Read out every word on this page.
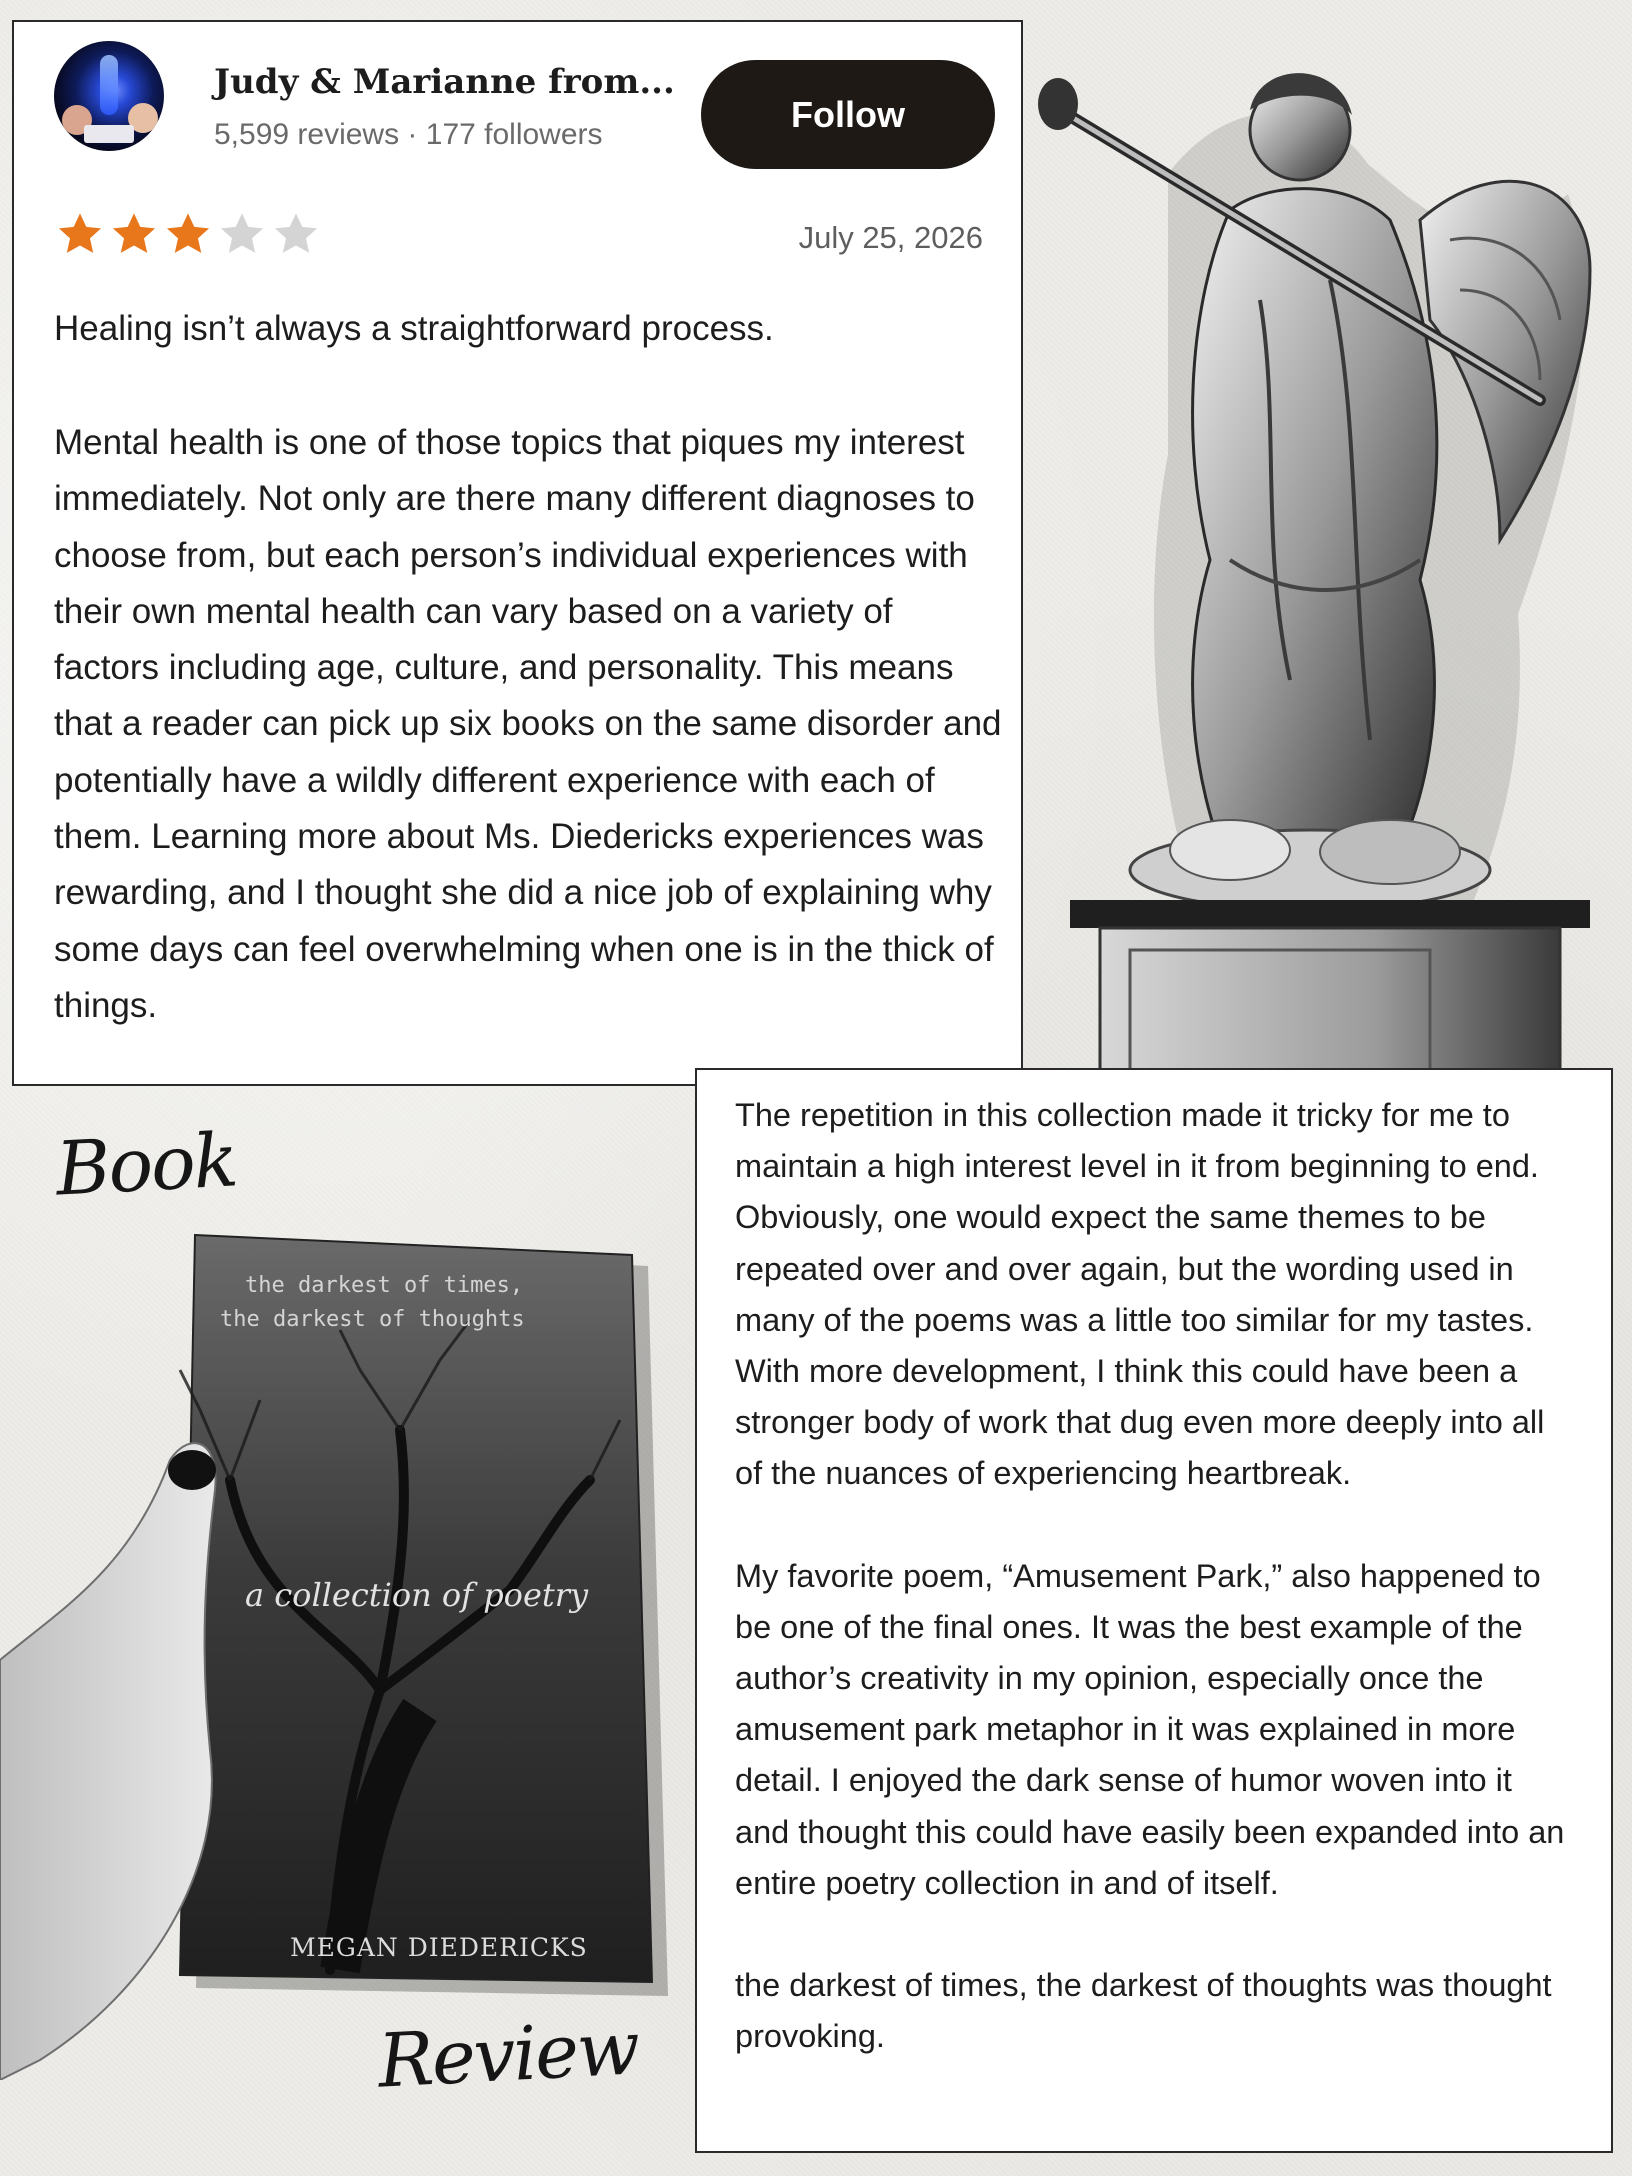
Judy & Marianne from...
5,599 reviews · 177 followers	Follow
July 25, 2026
Healing isn’t always a straightforward process.
Mental health is one of those topics that piques my interest immediately. Not only are there many different diagnoses to choose from, but each person’s individual experiences with their own mental health can vary based on a variety of factors including age, culture, and personality. This means that a reader can pick up six books on the same disorder and potentially have a wildly different experience with each of them. Learning more about Ms. Diedericks experiences was rewarding, and I thought she did a nice job of explaining why some days can feel overwhelming when one is in the thick of things.
Book
the darkest of times,
the darkest of thoughts
a collection of poetry
MEGAN DIEDERICKS

The repetition in this collection made it tricky for me to maintain a high interest level in it from beginning to end. Obviously, one would expect the same themes to be repeated over and over again, but the wording used in many of the poems was a little too similar for my tastes. With more development, I think this could have been a stronger body of work that dug even more deeply into all of the nuances of experiencing heartbreak.

My favorite poem, “Amusement Park,” also happened to be one of the final ones. It was the best example of the author’s creativity in my opinion, especially once the amusement park metaphor in it was explained in more detail. I enjoyed the dark sense of humor woven into it and thought this could have easily been expanded into an entire poetry collection in and of itself.

the darkest of times, the darkest of thoughts was thought provoking.

Review
